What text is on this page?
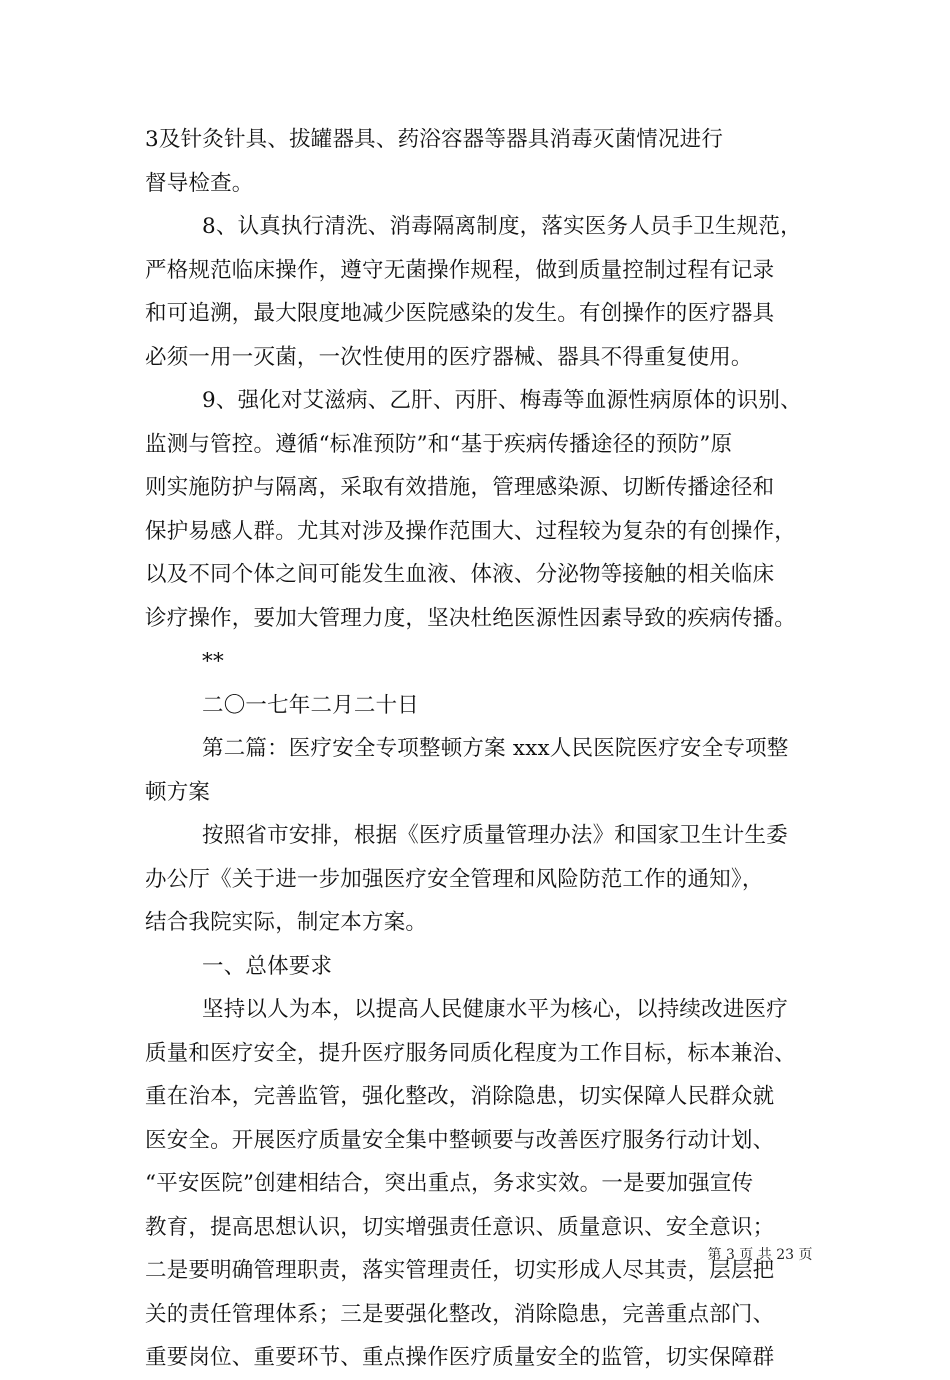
3及针灸针具、拔罐器具、药浴容器等器具消毒灭菌情况进行
督导检查。
8、认真执行清洗、消毒隔离制度，落实医务人员手卫生规范，
严格规范临床操作，遵守无菌操作规程，做到质量控制过程有记录
和可追溯，最大限度地减少医院感染的发生。有创操作的医疗器具
必须一用一灭菌，一次性使用的医疗器械、器具不得重复使用。
9、强化对艾滋病、乙肝、丙肝、梅毒等血源性病原体的识别、
监测与管控。遵循“标准预防”和“基于疾病传播途径的预防”原
则实施防护与隔离，采取有效措施，管理感染源、切断传播途径和
保护易感人群。尤其对涉及操作范围大、过程较为复杂的有创操作，
以及不同个体之间可能发生血液、体液、分泌物等接触的相关临床
诊疗操作，要加大管理力度，坚决杜绝医源性因素导致的疾病传播。
**
二〇一七年二月二十日
第二篇：医疗安全专项整顿方案 xxx人民医院医疗安全专项整
顿方案
按照省市安排，根据《医疗质量管理办法》和国家卫生计生委
办公厅《关于进一步加强医疗安全管理和风险防范工作的通知》，
结合我院实际，制定本方案。
一、总体要求
坚持以人为本，以提高人民健康水平为核心，以持续改进医疗
质量和医疗安全，提升医疗服务同质化程度为工作目标，标本兼治、
重在治本，完善监管，强化整改，消除隐患，切实保障人民群众就
医安全。开展医疗质量安全集中整顿要与改善医疗服务行动计划、
“平安医院”创建相结合，突出重点，务求实效。一是要加强宣传
教育，提高思想认识，切实增强责任意识、质量意识、安全意识；
二是要明确管理职责，落实管理责任，切实形成人尽其责，层层把
关的责任管理体系；三是要强化整改，消除隐患，完善重点部门、
重要岗位、重要环节、重点操作医疗质量安全的监管，切实保障群
第 3 页 共 23 页
